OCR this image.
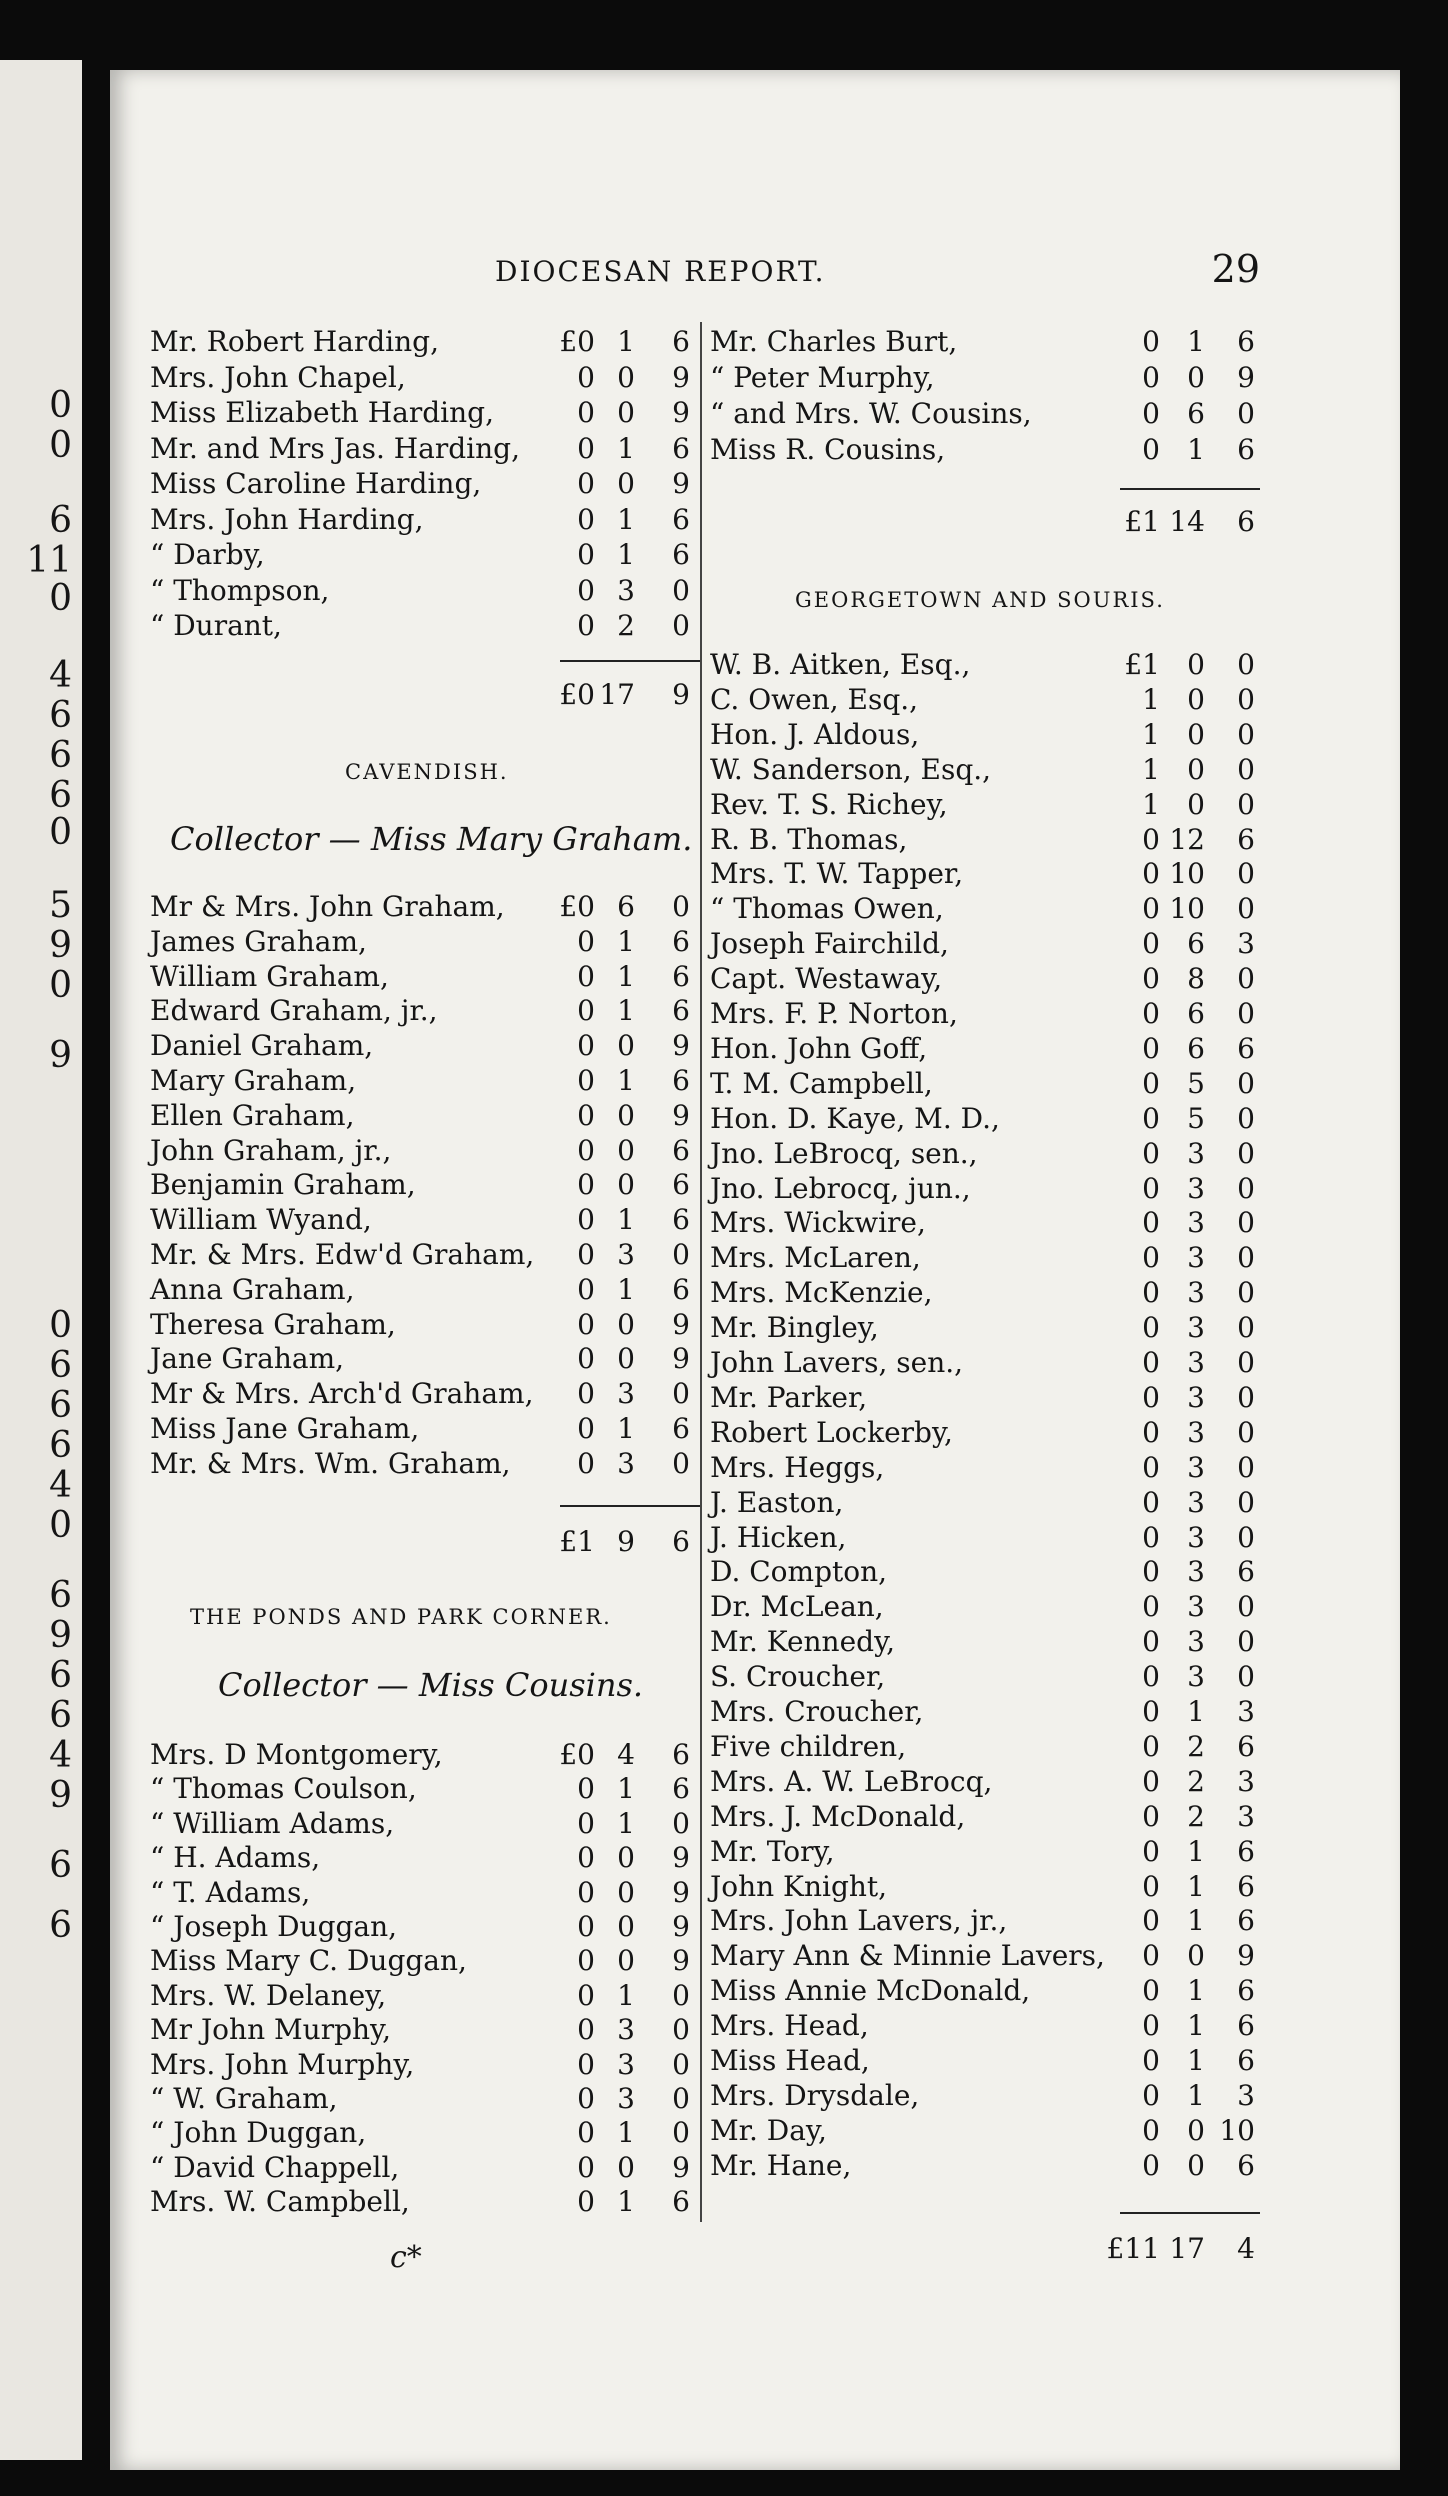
0
0
6
11
0
4
6
6
6
0
5
9
0
9
0
6
6
6
4
0
6
9
6
6
4
9
6
6
DIOCESAN REPORT.	29
CAVENDISH.
Collector — Miss Mary Graham.
THE PONDS AND PARK CORNER.
Collector — Miss Cousins.
GEORGETOWN AND SOURIS.
c*
Mr. Robert Harding,	£0 1	6
Mrs. John Chapel,	0 0	9
Miss Elizabeth Harding,	0 0	9
Mr. and Mrs Jas. Harding,	0 1	6
Miss Caroline Harding,	0 0	9
Mrs. John Harding,	0 1	6
“ Darby,	0 1	6
“ Thompson,	0 3	0
“ Durant,	0 2	0
£0 17	9
Mr & Mrs. John Graham,	£0 6	0
James Graham,	0 1	6
William Graham,	0 1	6
Edward Graham, jr.,	0 1	6
Daniel Graham,	0 0	9
Mary Graham,	0 1	6
Ellen Graham,	0 0	9
John Graham, jr.,	0 0	6
Benjamin Graham,	0 0	6
William Wyand,	0 1	6
Mr. & Mrs. Edw'd Graham,	0 3	0
Anna Graham,	0 1	6
Theresa Graham,	0 0	9
Jane Graham,	0 0	9
Mr & Mrs. Arch'd Graham,	0 3	0
Miss Jane Graham,	0 1	6
Mr. & Mrs. Wm. Graham,	0 3	0
£1 9	6
Mrs. D Montgomery,	£0 4	6
“ Thomas Coulson,	0 1	6
“ William Adams,	0 1	0
“ H. Adams,	0 0	9
“ T. Adams,	0 0	9
“ Joseph Duggan,	0 0	9
Miss Mary C. Duggan,	0 0	9
Mrs. W. Delaney,	0 1	0
Mr John Murphy,	0 3	0
Mrs. John Murphy,	0 3	0
“ W. Graham,	0 3	0
“ John Duggan,	0 1	0
“ David Chappell,	0 0	9
Mrs. W. Campbell,	0 1	6
Mr. Charles Burt,	0 1	6
“ Peter Murphy,	0 0	9
“ and Mrs. W. Cousins,	0 6	0
Miss R. Cousins,	0 1	6
£1 14	6
W. B. Aitken, Esq.,	£1 0	0
C. Owen, Esq.,	1 0	0
Hon. J. Aldous,	1 0	0
W. Sanderson, Esq.,	1 0	0
Rev. T. S. Richey,	1 0	0
R. B. Thomas,	0 12	6
Mrs. T. W. Tapper,	0 10	0
“ Thomas Owen,	0 10	0
Joseph Fairchild,	0 6	3
Capt. Westaway,	0 8	0
Mrs. F. P. Norton,	0 6	0
Hon. John Goff,	0 6	6
T. M. Campbell,	0 5	0
Hon. D. Kaye, M. D.,	0 5	0
Jno. LeBrocq, sen.,	0 3	0
Jno. Lebrocq, jun.,	0 3	0
Mrs. Wickwire,	0 3	0
Mrs. McLaren,	0 3	0
Mrs. McKenzie,	0 3	0
Mr. Bingley,	0 3	0
John Lavers, sen.,	0 3	0
Mr. Parker,	0 3	0
Robert Lockerby,	0 3	0
Mrs. Heggs,	0 3	0
J. Easton,	0 3	0
J. Hicken,	0 3	0
D. Compton,	0 3	6
Dr. McLean,	0 3	0
Mr. Kennedy,	0 3	0
S. Croucher,	0 3	0
Mrs. Croucher,	0 1	3
Five children,	0 2	6
Mrs. A. W. LeBrocq,	0 2	3
Mrs. J. McDonald,	0 2	3
Mr. Tory,	0 1	6
John Knight,	0 1	6
Mrs. John Lavers, jr.,	0 1	6
Mary Ann & Minnie Lavers,	0 0	9
Miss Annie McDonald,	0 1	6
Mrs. Head,	0 1	6
Miss Head,	0 1	6
Mrs. Drysdale,	0 1	3
Mr. Day,	0 0 10
Mr. Hane,	0 0	6
£11 17	4
